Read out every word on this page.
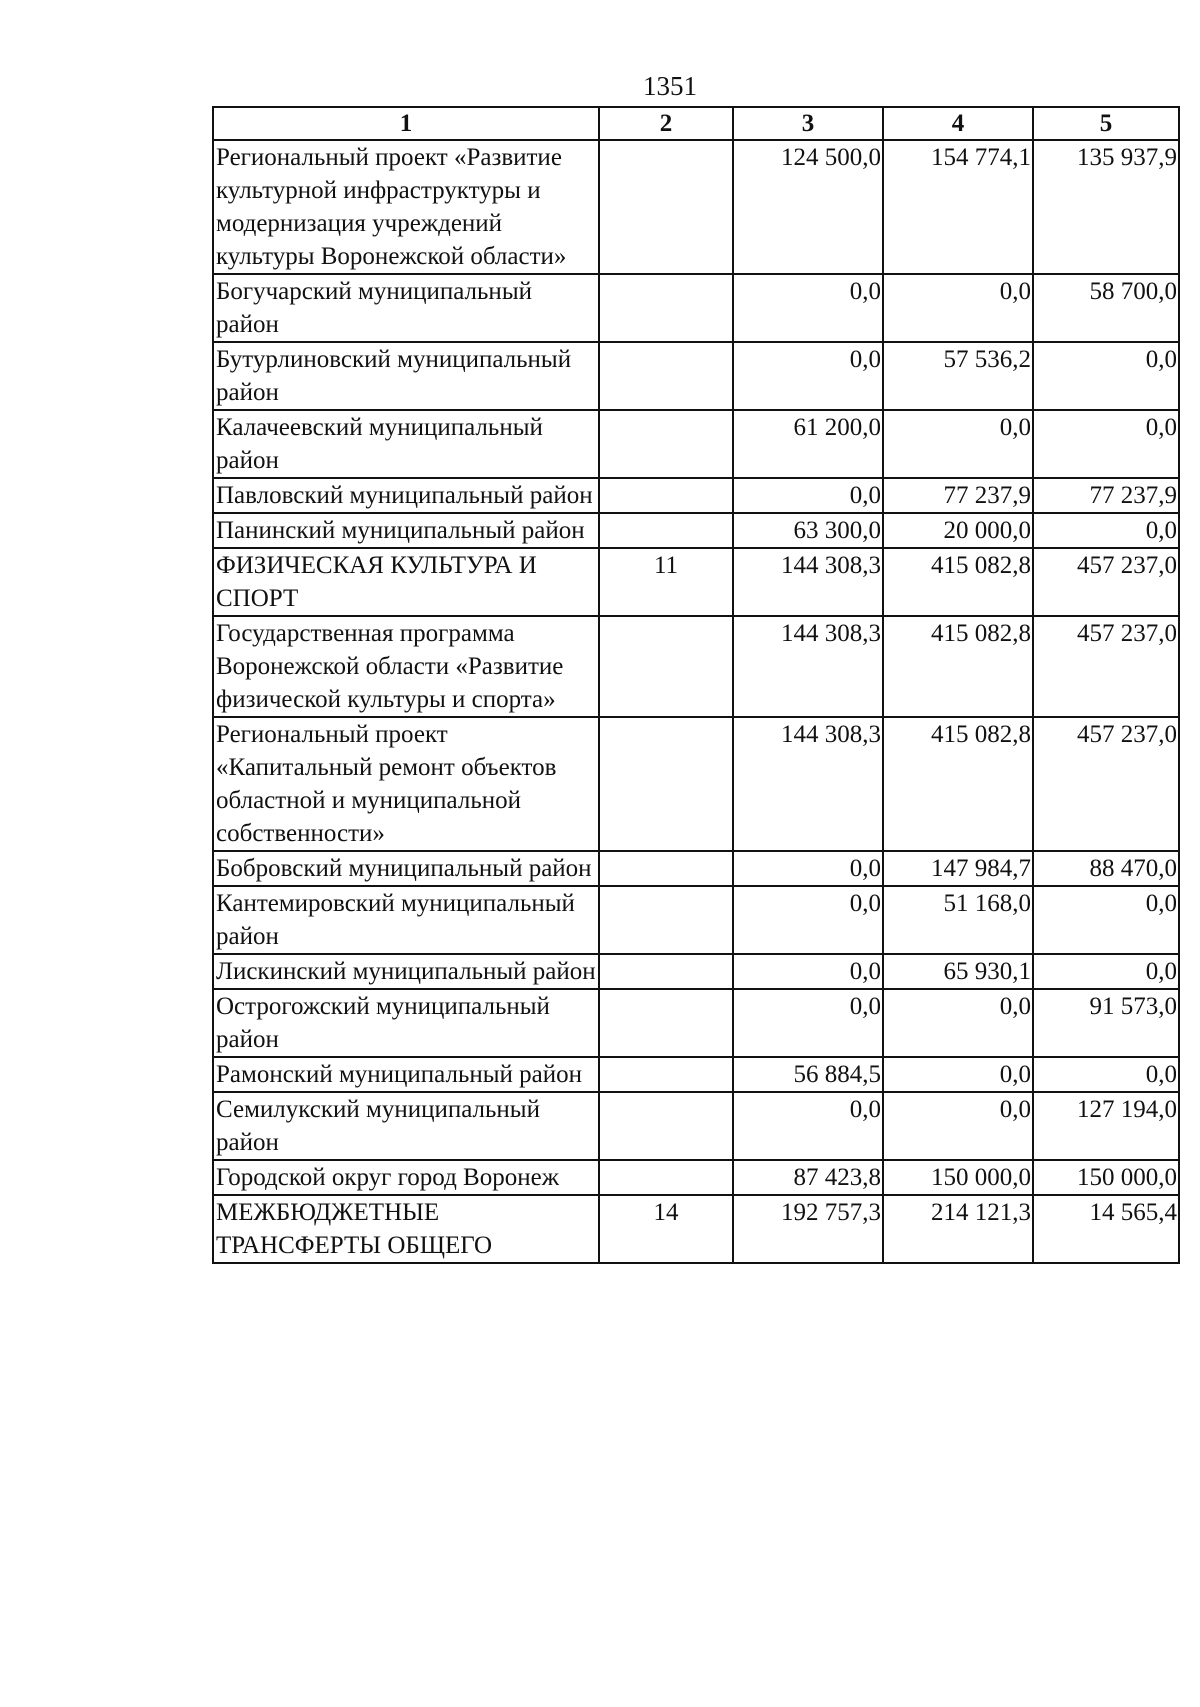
1351
1	2	3	4	5
Региональный проект «Развитие культурной инфраструктуры и модернизация учреждений культуры Воронежской области»		124 500,0	154 774,1	135 937,9
Богучарский муниципальный район		0,0	0,0	58 700,0
Бутурлиновский муниципальный район		0,0	57 536,2	0,0
Калачеевский муниципальный район		61 200,0	0,0	0,0
Павловский муниципальный район		0,0	77 237,9	77 237,9
Панинский муниципальный район		63 300,0	20 000,0	0,0
ФИЗИЧЕСКАЯ КУЛЬТУРА И СПОРТ	11	144 308,3	415 082,8	457 237,0
Государственная программа Воронежской области «Развитие физической культуры и спорта»		144 308,3	415 082,8	457 237,0
Региональный проект «Капитальный ремонт объектов областной и муниципальной собственности»		144 308,3	415 082,8	457 237,0
Бобровский муниципальный район		0,0	147 984,7	88 470,0
Кантемировский муниципальный район		0,0	51 168,0	0,0
Лискинский муниципальный район		0,0	65 930,1	0,0
Острогожский муниципальный район		0,0	0,0	91 573,0
Рамонский муниципальный район		56 884,5	0,0	0,0
Семилукский муниципальный район		0,0	0,0	127 194,0
Городской округ город Воронеж		87 423,8	150 000,0	150 000,0
МЕЖБЮДЖЕТНЫЕ ТРАНСФЕРТЫ ОБЩЕГО	14	192 757,3	214 121,3	14 565,4
